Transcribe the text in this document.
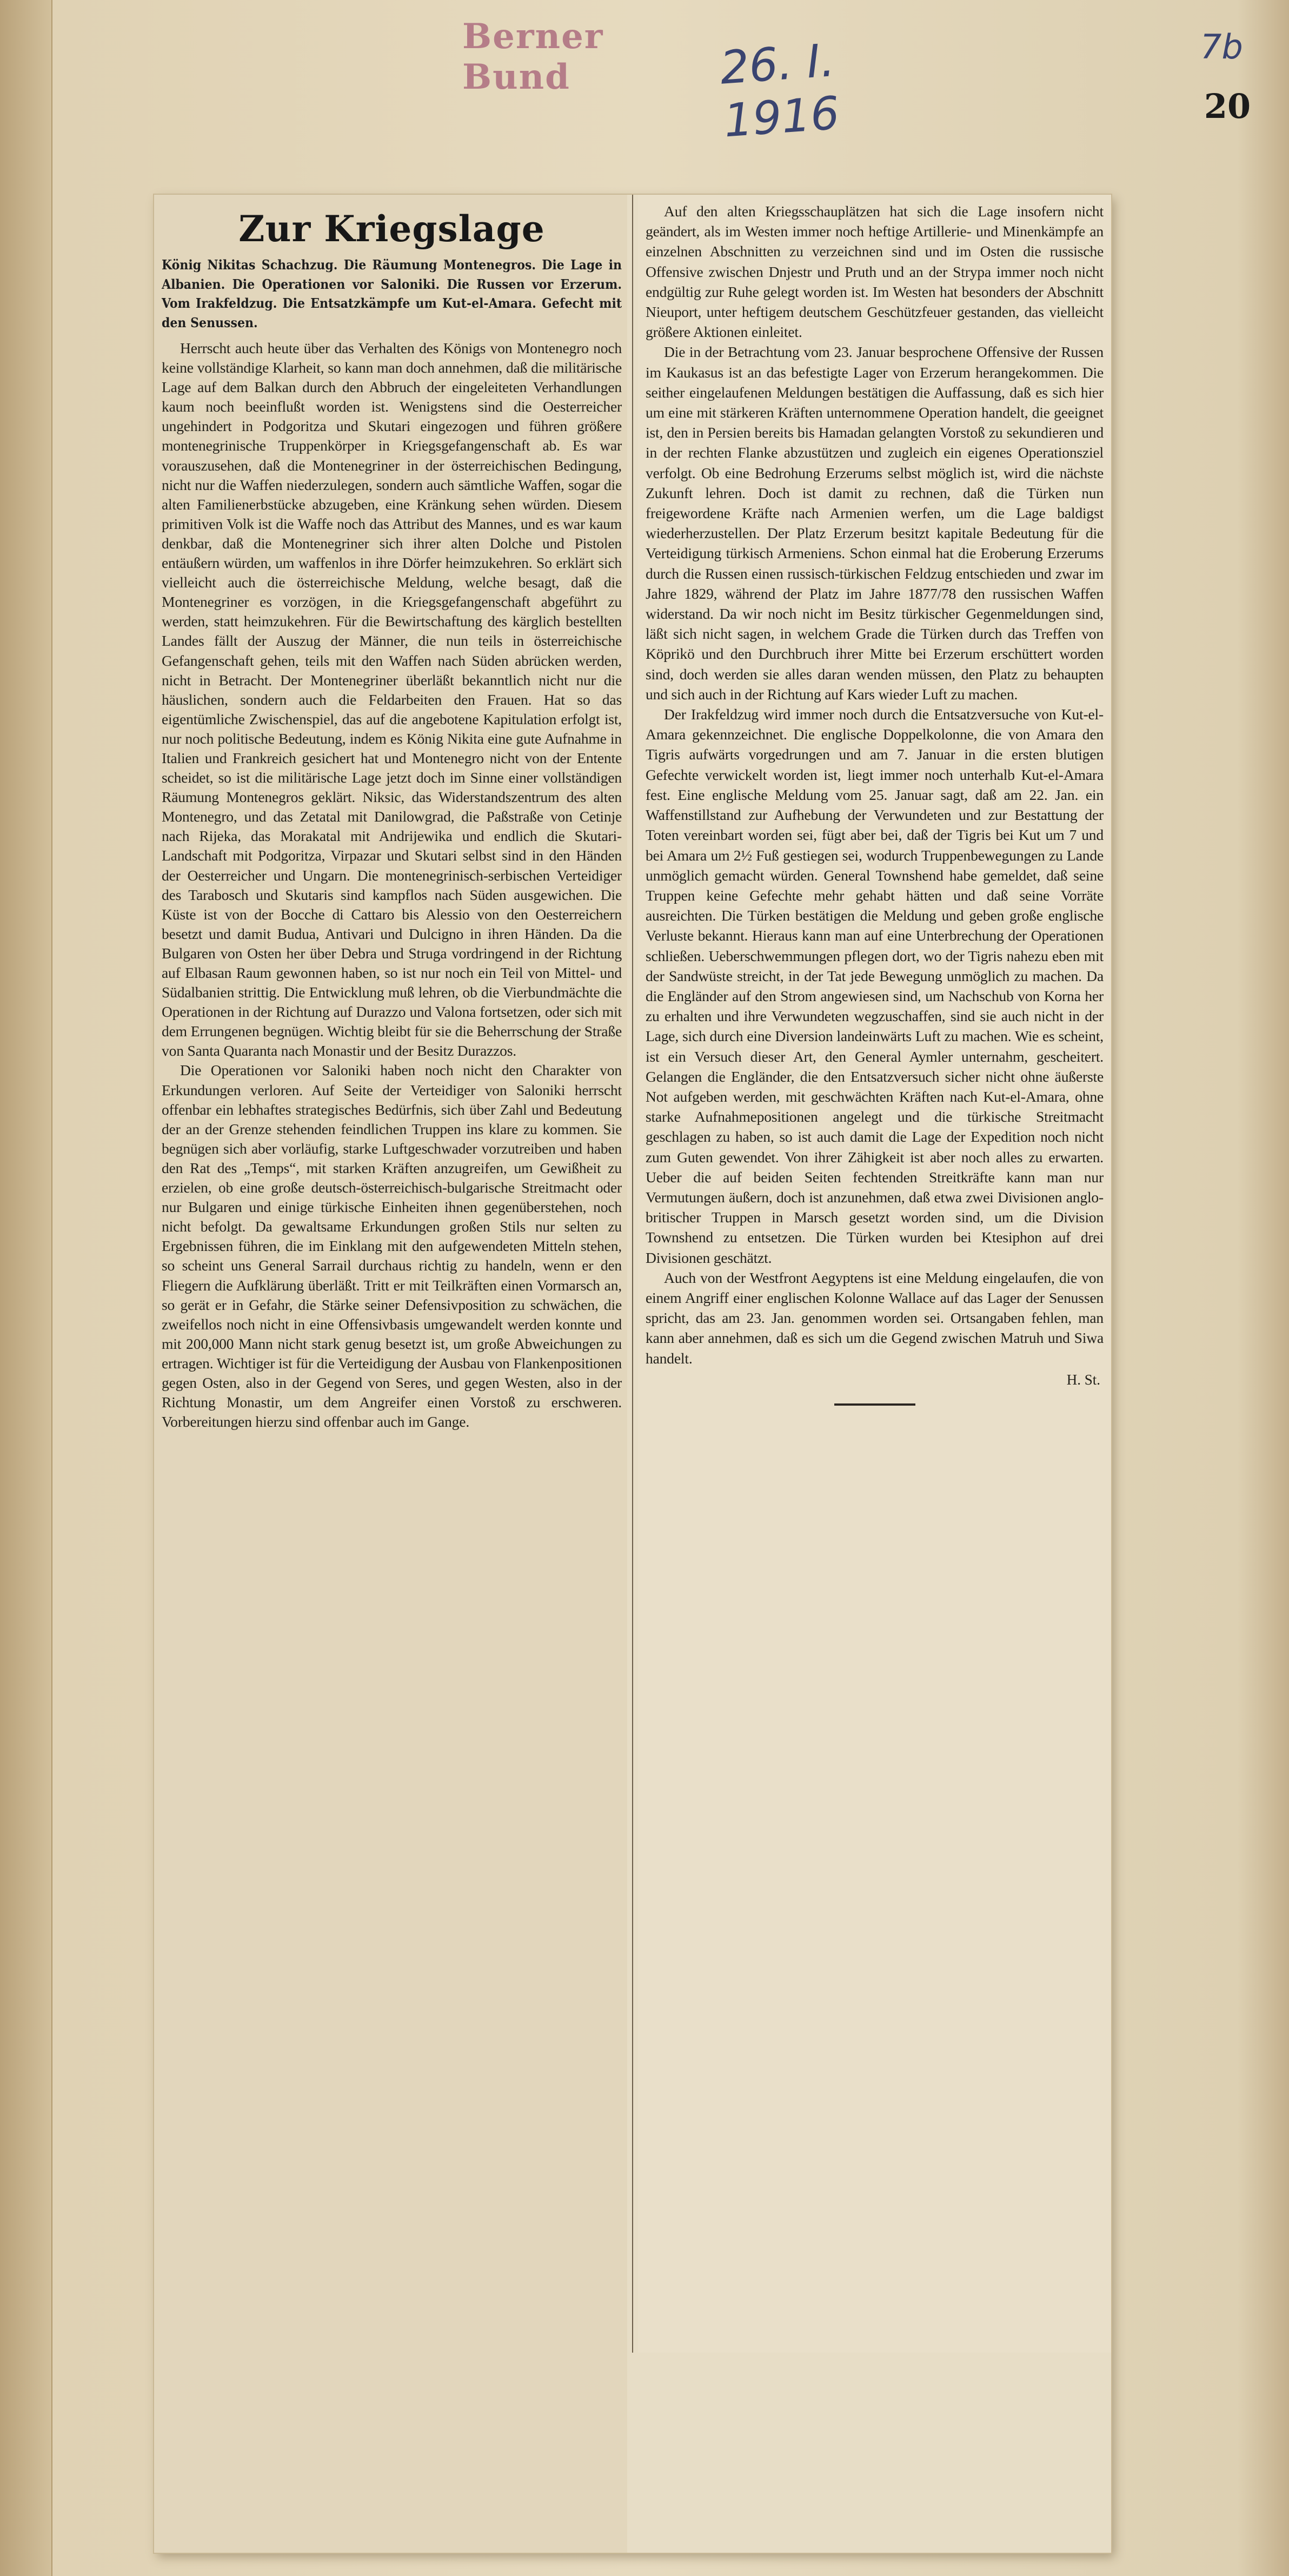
Berner Bund	26. I. 1916
7b
20
Zur Kriegslage

König Nikitas Schachzug. Die Räumung Montenegros. Die Lage in Albanien. Die Operationen vor Saloniki. Die Russen vor Erzerum. Vom Irakfeldzug. Die Entsatzkämpfe um Kut-el-Amara. Gefecht mit den Senussen.

Herrscht auch heute über das Verhalten des Königs von Montenegro noch keine vollständige Klarheit, so kann man doch annehmen, daß die militärische Lage auf dem Balkan durch den Abbruch der eingeleiteten Verhandlungen kaum noch beeinflußt worden ist. Wenigstens sind die Oesterreicher ungehindert in Podgoritza und Skutari eingezogen und führen größere montenegrinische Truppenkörper in Kriegsgefangenschaft ab. Es war vorauszusehen, daß die Montenegriner in der österreichischen Bedingung, nicht nur die Waffen niederzulegen, sondern auch sämtliche Waffen, sogar die alten Familienerbstücke abzugeben, eine Kränkung sehen würden. Diesem primitiven Volk ist die Waffe noch das Attribut des Mannes, und es war kaum denkbar, daß die Montenegriner sich ihrer alten Dolche und Pistolen entäußern würden, um waffenlos in ihre Dörfer heimzukehren. So erklärt sich vielleicht auch die österreichische Meldung, welche besagt, daß die Montenegriner es vorzögen, in die Kriegsgefangenschaft abgeführt zu werden, statt heimzukehren. Für die Bewirtschaftung des kärglich bestellten Landes fällt der Auszug der Männer, die nun teils in österreichische Gefangenschaft gehen, teils mit den Waffen nach Süden abrücken werden, nicht in Betracht. Der Montenegriner überläßt bekanntlich nicht nur die häuslichen, sondern auch die Feldarbeiten den Frauen. Hat so das eigentümliche Zwischenspiel, das auf die angebotene Kapitulation erfolgt ist, nur noch politische Bedeutung, indem es König Nikita eine gute Aufnahme in Italien und Frankreich gesichert hat und Montenegro nicht von der Entente scheidet, so ist die militärische Lage jetzt doch im Sinne einer vollständigen Räumung Montenegros geklärt. Niksic, das Widerstandszentrum des alten Montenegro, und das Zetatal mit Danilowgrad, die Paßstraße von Cetinje nach Rijeka, das Morakatal mit Andrijewika und endlich die Skutari-Landschaft mit Podgoritza, Virpazar und Skutari selbst sind in den Händen der Oesterreicher und Ungarn. Die montenegrinisch-serbischen Verteidiger des Tarabosch und Skutaris sind kampflos nach Süden ausgewichen. Die Küste ist von der Bocche di Cattaro bis Alessio von den Oesterreichern besetzt und damit Budua, Antivari und Dulcigno in ihren Händen. Da die Bulgaren von Osten her über Debra und Struga vordringend in der Richtung auf Elbasan Raum gewonnen haben, so ist nur noch ein Teil von Mittel- und Südalbanien strittig. Die Entwicklung muß lehren, ob die Vierbundmächte die Operationen in der Richtung auf Durazzo und Valona fortsetzen, oder sich mit dem Errungenen begnügen. Wichtig bleibt für sie die Beherrschung der Straße von Santa Quaranta nach Monastir und der Besitz Durazzos.

Die Operationen vor Saloniki haben noch nicht den Charakter von Erkundungen verloren. Auf Seite der Verteidiger von Saloniki herrscht offenbar ein lebhaftes strategisches Bedürfnis, sich über Zahl und Bedeutung der an der Grenze stehenden feindlichen Truppen ins klare zu kommen. Sie begnügen sich aber vorläufig, starke Luftgeschwader vorzutreiben und haben den Rat des „Temps“, mit starken Kräften anzugreifen, um Gewißheit zu erzielen, ob eine große deutsch-österreichisch-bulgarische Streitmacht oder nur Bulgaren und einige türkische Einheiten ihnen gegenüberstehen, noch nicht befolgt. Da gewaltsame Erkundungen großen Stils nur selten zu Ergebnissen führen, die im Einklang mit den aufgewendeten Mitteln stehen, so scheint uns General Sarrail durchaus richtig zu handeln, wenn er den Fliegern die Aufklärung überläßt. Tritt er mit Teilkräften einen Vormarsch an, so gerät er in Gefahr, die Stärke seiner Defensivposition zu schwächen, die zweifellos noch nicht in eine Offensivbasis umgewandelt werden konnte und mit 200,000 Mann nicht stark genug besetzt ist, um große Abweichungen zu ertragen. Wichtiger ist für die Verteidigung der Ausbau von Flankenpositionen gegen Osten, also in der Gegend von Seres, und gegen Westen, also in der Richtung Monastir, um dem Angreifer einen Vorstoß zu erschweren. Vorbereitungen hierzu sind offenbar auch im Gange.

Auf den alten Kriegsschauplätzen hat sich die Lage insofern nicht geändert, als im Westen immer noch heftige Artillerie- und Minenkämpfe an einzelnen Abschnitten zu verzeichnen sind und im Osten die russische Offensive zwischen Dnjestr und Pruth und an der Strypa immer noch nicht endgültig zur Ruhe gelegt worden ist. Im Westen hat besonders der Abschnitt Nieuport, unter heftigem deutschem Geschützfeuer gestanden, das vielleicht größere Aktionen einleitet.

Die in der Betrachtung vom 23. Januar besprochene Offensive der Russen im Kaukasus ist an das befestigte Lager von Erzerum herangekommen. Die seither eingelaufenen Meldungen bestätigen die Auffassung, daß es sich hier um eine mit stärkeren Kräften unternommene Operation handelt, die geeignet ist, den in Persien bereits bis Hamadan gelangten Vorstoß zu sekundieren und in der rechten Flanke abzustützen und zugleich ein eigenes Operationsziel verfolgt. Ob eine Bedrohung Erzerums selbst möglich ist, wird die nächste Zukunft lehren. Doch ist damit zu rechnen, daß die Türken nun freigewordene Kräfte nach Armenien werfen, um die Lage baldigst wiederherzustellen. Der Platz Erzerum besitzt kapitale Bedeutung für die Verteidigung türkisch Armeniens. Schon einmal hat die Eroberung Erzerums durch die Russen einen russisch-türkischen Feldzug entschieden und zwar im Jahre 1829, während der Platz im Jahre 1877/78 den russischen Waffen widerstand. Da wir noch nicht im Besitz türkischer Gegenmeldungen sind, läßt sich nicht sagen, in welchem Grade die Türken durch das Treffen von Köprikö und den Durchbruch ihrer Mitte bei Erzerum erschüttert worden sind, doch werden sie alles daran wenden müssen, den Platz zu behaupten und sich auch in der Richtung auf Kars wieder Luft zu machen.

Der Irakfeldzug wird immer noch durch die Entsatzversuche von Kut-el-Amara gekennzeichnet. Die englische Doppelkolonne, die von Amara den Tigris aufwärts vorgedrungen und am 7. Januar in die ersten blutigen Gefechte verwickelt worden ist, liegt immer noch unterhalb Kut-el-Amara fest. Eine englische Meldung vom 25. Januar sagt, daß am 22. Jan. ein Waffenstillstand zur Aufhebung der Verwundeten und zur Bestattung der Toten vereinbart worden sei, fügt aber bei, daß der Tigris bei Kut um 7 und bei Amara um 2½ Fuß gestiegen sei, wodurch Truppenbewegungen zu Lande unmöglich gemacht würden. General Townshend habe gemeldet, daß seine Truppen keine Gefechte mehr gehabt hätten und daß seine Vorräte ausreichten. Die Türken bestätigen die Meldung und geben große englische Verluste bekannt. Hieraus kann man auf eine Unterbrechung der Operationen schließen. Ueberschwemmungen pflegen dort, wo der Tigris nahezu eben mit der Sandwüste streicht, in der Tat jede Bewegung unmöglich zu machen. Da die Engländer auf den Strom angewiesen sind, um Nachschub von Korna her zu erhalten und ihre Verwundeten wegzuschaffen, sind sie auch nicht in der Lage, sich durch eine Diversion landeinwärts Luft zu machen. Wie es scheint, ist ein Versuch dieser Art, den General Aymler unternahm, gescheitert. Gelangen die Engländer, die den Entsatzversuch sicher nicht ohne äußerste Not aufgeben werden, mit geschwächten Kräften nach Kut-el-Amara, ohne starke Aufnahmepositionen angelegt und die türkische Streitmacht geschlagen zu haben, so ist auch damit die Lage der Expedition noch nicht zum Guten gewendet. Von ihrer Zähigkeit ist aber noch alles zu erwarten. Ueber die auf beiden Seiten fechtenden Streitkräfte kann man nur Vermutungen äußern, doch ist anzunehmen, daß etwa zwei Divisionen anglo-britischer Truppen in Marsch gesetzt worden sind, um die Division Townshend zu entsetzen. Die Türken wurden bei Ktesiphon auf drei Divisionen geschätzt.

Auch von der Westfront Aegyptens ist eine Meldung eingelaufen, die von einem Angriff einer englischen Kolonne Wallace auf das Lager der Senussen spricht, das am 23. Jan. genommen worden sei. Ortsangaben fehlen, man kann aber annehmen, daß es sich um die Gegend zwischen Matruh und Siwa handelt.

H. St.
